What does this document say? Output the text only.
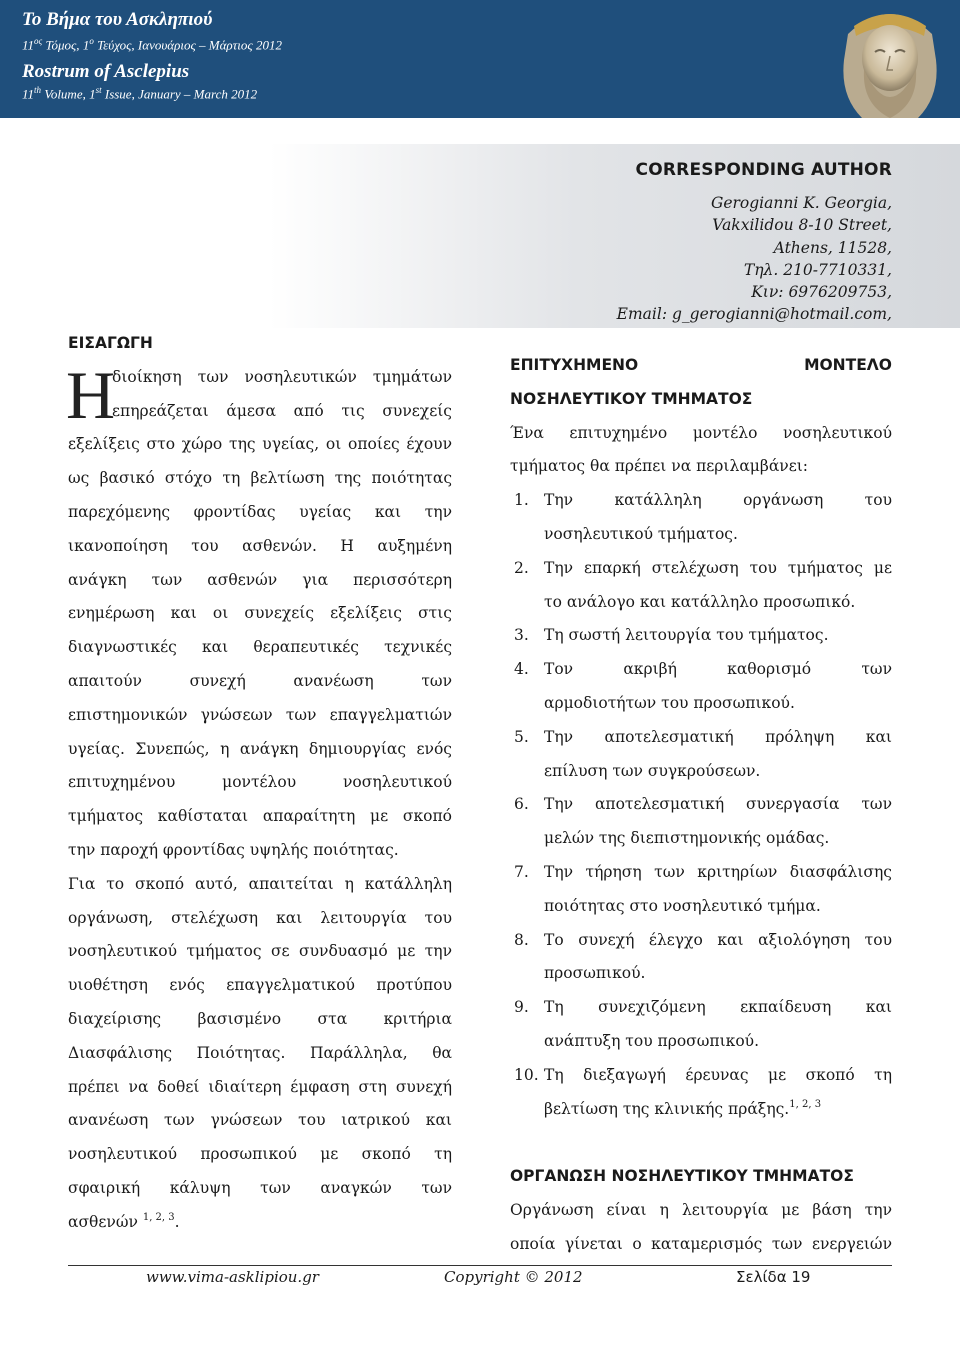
Το Βήμα του Ασκληπιού
$11^{o\varsigma}$ Τόμος, $1^o$ Τεύχος, Ιανουάριος – Μάρτιος 2012
Rostrum of Asclepius
11th Volume, 1st Issue, January – March 2012
CORRESPONDING AUTHOR
Gerogianni K. Georgia,
Vakxilidou 8-10 Street,
Athens, 11528,
Τηλ. 210-7710331,
Κιν: 6976209753,
Email: g_gerogianni@hotmail.com,
ΕΙΣΑΓΩΓΗ
Η
διοίκηση των νοσηλευτικών τμημάτων
επηρεάζεται άμεσα από τις συνεχείς
εξελίξεις στο χώρο της υγείας, οι οποίες έχουν
ως βασικό στόχο τη βελτίωση της ποιότητας
παρεχόμενης φροντίδας υγείας και την
ικανοποίηση του ασθενών. Η αυξημένη
ανάγκη των ασθενών για περισσότερη
ενημέρωση και οι συνεχείς εξελίξεις στις
διαγνωστικές και θεραπευτικές τεχνικές
απαιτούν συνεχή ανανέωση των
επιστημονικών γνώσεων των επαγγελματιών
υγείας. Συνεπώς, η ανάγκη δημιουργίας ενός
επιτυχημένου μοντέλου νοσηλευτικού
τμήματος καθίσταται απαραίτητη με σκοπό
την παροχή φροντίδας υψηλής ποιότητας.
Για το σκοπό αυτό, απαιτείται η κατάλληλη
οργάνωση, στελέχωση και λειτουργία του
νοσηλευτικού τμήματος σε συνδυασμό με την
υιοθέτηση ενός επαγγελματικού προτύπου
διαχείρισης βασισμένο στα κριτήρια
Διασφάλισης Ποιότητας. Παράλληλα, θα
πρέπει να δοθεί ιδιαίτερη έμφαση στη συνεχή
ανανέωση των γνώσεων του ιατρικού και
νοσηλευτικού προσωπικού με σκοπό τη
σφαιρική κάλυψη των αναγκών των
ασθενών $^{1, 2, 3}$.
ΕΠΙΤΥΧΗΜΕΝΟ	ΜΟΝΤΕΛΟ
ΝΟΣΗΛΕΥΤΙΚΟΥ ΤΜΗΜΑΤΟΣ
Ένα επιτυχημένο μοντέλο νοσηλευτικού
τμήματος θα πρέπει να περιλαμβάνει:
1. Την κατάλληλη οργάνωση του
νοσηλευτικού τμήματος.
2. Την επαρκή στελέχωση του τμήματος με
το ανάλογο και κατάλληλο προσωπικό.
3. Τη σωστή λειτουργία του τμήματος.
4. Τον ακριβή καθορισμό των
αρμοδιοτήτων του προσωπικού.
5. Την αποτελεσματική πρόληψη και
επίλυση των συγκρούσεων.
6. Την αποτελεσματική συνεργασία των
μελών της διεπιστημονικής ομάδας.
7. Την τήρηση των κριτηρίων διασφάλισης
ποιότητας στο νοσηλευτικό τμήμα.
8. Το συνεχή έλεγχο και αξιολόγηση του
προσωπικού.
9. Τη συνεχιζόμενη εκπαίδευση και
ανάπτυξη του προσωπικού.
10. Τη διεξαγωγή έρευνας με σκοπό τη
βελτίωση της κλινικής πράξης.$^{1, 2, 3}$
ΟΡΓΑΝΩΣΗ ΝΟΣΗΛΕΥΤΙΚΟΥ ΤΜΗΜΑΤΟΣ
Οργάνωση είναι η λειτουργία με βάση την
οποία γίνεται ο καταμερισμός των ενεργειών
www.vima-asklipiou.gr	Copyright © 2012	Σελίδα 19
